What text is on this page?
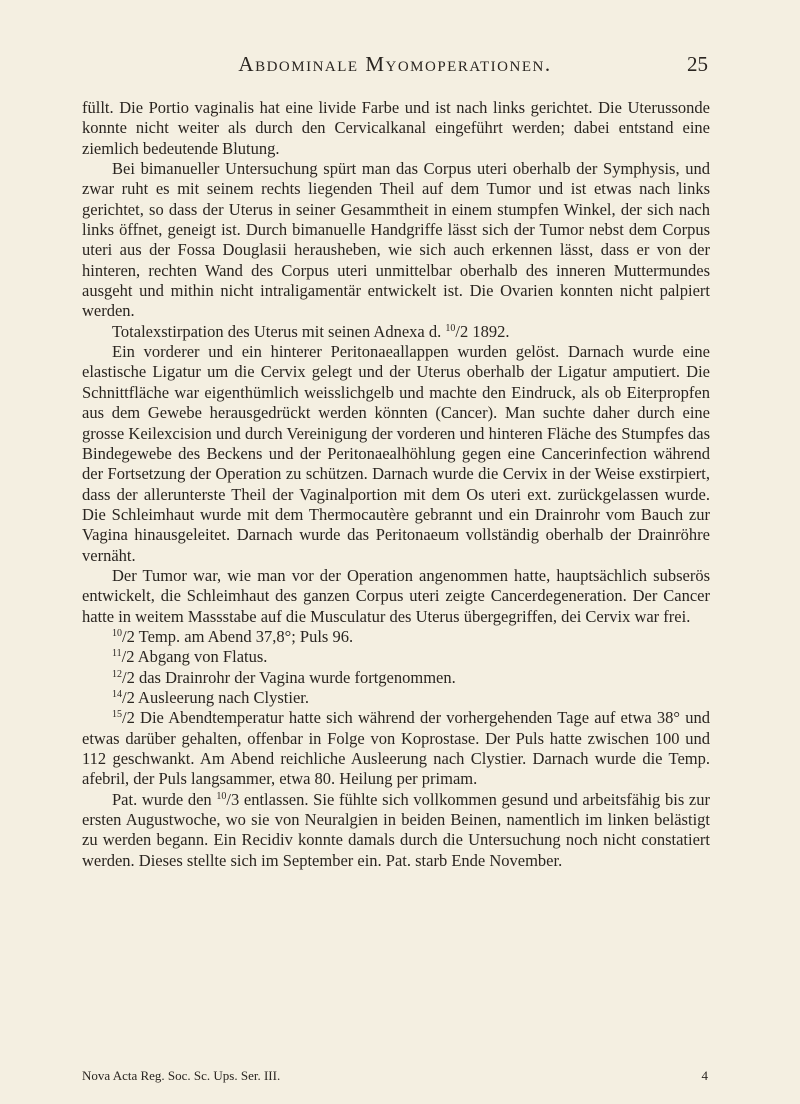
Abdominale Myomoperationen.	25

füllt. Die Portio vaginalis hat eine livide Farbe und ist nach links gerichtet. Die Uterussonde konnte nicht weiter als durch den Cervicalkanal eingeführt werden; dabei entstand eine ziemlich bedeutende Blutung.

Bei bimanueller Untersuchung spürt man das Corpus uteri oberhalb der Symphysis, und zwar ruht es mit seinem rechts liegenden Theil auf dem Tumor und ist etwas nach links gerichtet, so dass der Uterus in seiner Gesammtheit in einem stumpfen Winkel, der sich nach links öffnet, geneigt ist. Durch bimanuelle Handgriffe lässt sich der Tumor nebst dem Corpus uteri aus der Fossa Douglasii herausheben, wie sich auch erkennen lässt, dass er von der hinteren, rechten Wand des Corpus uteri unmittelbar oberhalb des inneren Muttermundes ausgeht und mithin nicht intraligamentär entwickelt ist. Die Ovarien konnten nicht palpiert werden.

Totalexstirpation des Uterus mit seinen Adnexa d. $^{10}$/2 1892.

Ein vorderer und ein hinterer Peritonaeallappen wurden gelöst. Darnach wurde eine elastische Ligatur um die Cervix gelegt und der Uterus oberhalb der Ligatur amputiert. Die Schnittfläche war eigenthümlich weisslichgelb und machte den Eindruck, als ob Eiterpropfen aus dem Gewebe herausgedrückt werden könnten (Cancer). Man suchte daher durch eine grosse Keilexcision und durch Vereinigung der vorderen und hinteren Fläche des Stumpfes das Bindegewebe des Beckens und der Peritonaealhöhlung gegen eine Cancerinfection während der Fortsetzung der Operation zu schützen. Darnach wurde die Cervix in der Weise exstirpiert, dass der allerunterste Theil der Vaginalportion mit dem Os uteri ext. zurückgelassen wurde. Die Schleimhaut wurde mit dem Thermocautère gebrannt und ein Drainrohr vom Bauch zur Vagina hinausgeleitet. Darnach wurde das Peritonaeum vollständig oberhalb der Drainröhre vernäht.

Der Tumor war, wie man vor der Operation angenommen hatte, hauptsächlich subserös entwickelt, die Schleimhaut des ganzen Corpus uteri zeigte Cancerdegeneration. Der Cancer hatte in weitem Massstabe auf die Musculatur des Uterus übergegriffen, dei Cervix war frei.

$^{10}$/2 Temp. am Abend 37,8°; Puls 96.

$^{11}$/2 Abgang von Flatus.

$^{12}$/2 das Drainrohr der Vagina wurde fortgenommen.

$^{14}$/2 Ausleerung nach Clystier.

$^{15}$/2 Die Abendtemperatur hatte sich während der vorhergehenden Tage auf etwa 38° und etwas darüber gehalten, offenbar in Folge von Koprostase. Der Puls hatte zwischen 100 und 112 geschwankt. Am Abend reichliche Ausleerung nach Clystier. Darnach wurde die Temp. afebril, der Puls langsammer, etwa 80. Heilung per primam.

Pat. wurde den $^{10}$/3 entlassen. Sie fühlte sich vollkommen gesund und arbeitsfähig bis zur ersten Augustwoche, wo sie von Neuralgien in beiden Beinen, namentlich im linken belästigt zu werden begann. Ein Recidiv konnte damals durch die Untersuchung noch nicht constatiert werden. Dieses stellte sich im September ein. Pat. starb Ende November.

Nova Acta Reg. Soc. Sc. Ups. Ser. III.	4
